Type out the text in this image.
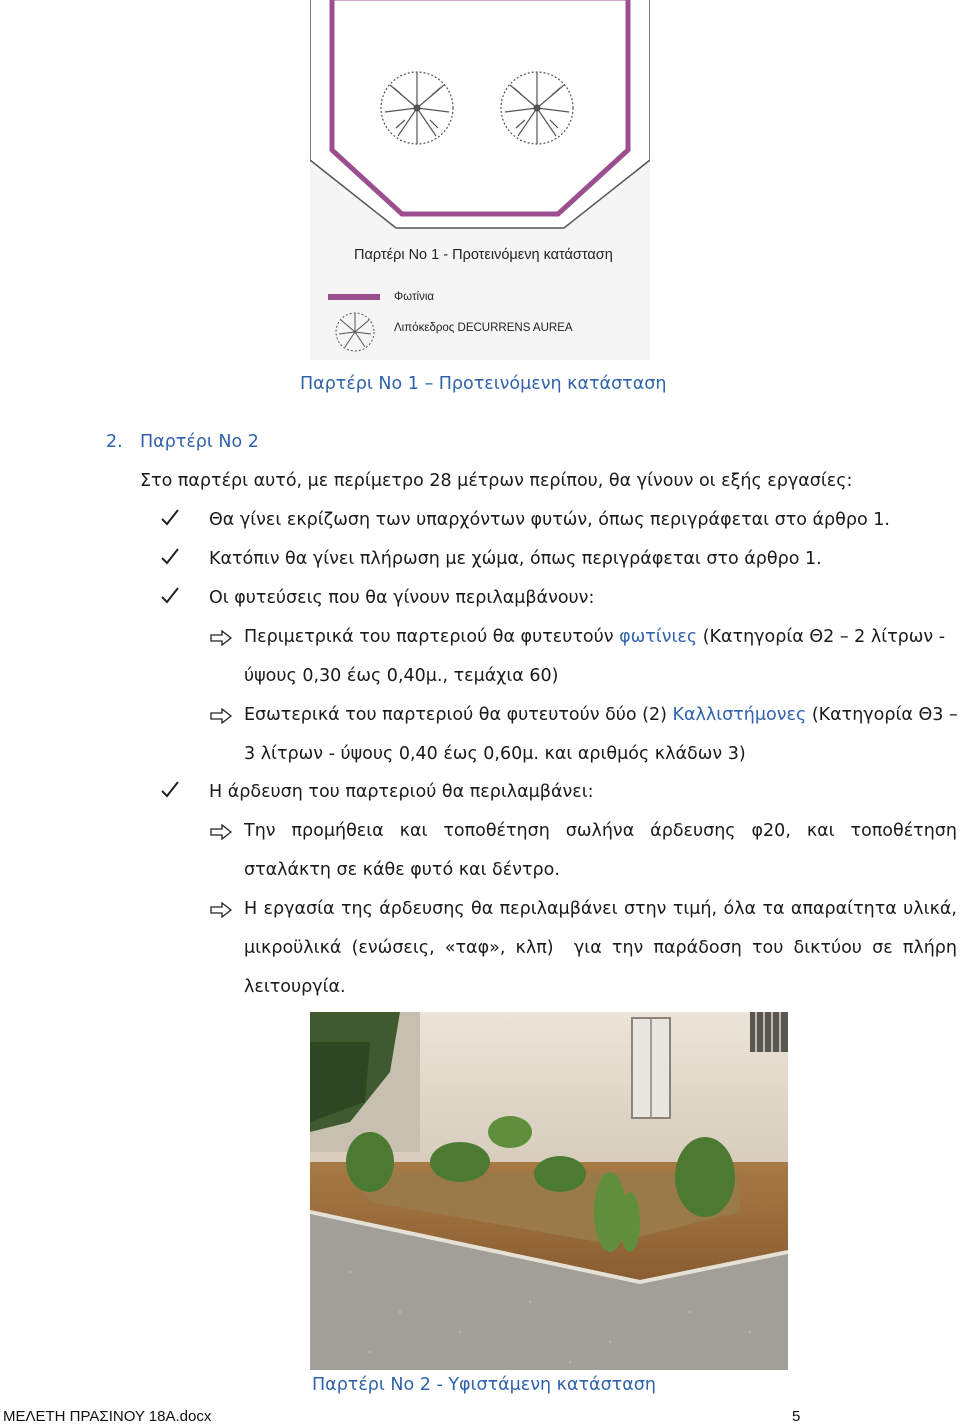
Παρτέρι Νο 1 - Προτεινόμενη κατάσταση
Φωτίνια
Λιπόκεδρος DECURRENS AUREA
Παρτέρι Νο 1 – Προτεινόμενη κατάσταση
2. Παρτέρι Νο 2
Στο παρτέρι αυτό, με περίμετρο 28 μέτρων περίπου, θα γίνουν οι εξής εργασίες:
Θα γίνει εκρίζωση των υπαρχόντων φυτών, όπως περιγράφεται στο άρθρο 1.
Κατόπιν θα γίνει πλήρωση με χώμα, όπως περιγράφεται στο άρθρο 1.
Οι φυτεύσεις που θα γίνουν περιλαμβάνουν:
Περιμετρικά του παρτεριού θα φυτευτούν φωτίνιες (Κατηγορία Θ2 – 2 λίτρων -
ύψους 0,30 έως 0,40μ., τεμάχια 60)
Εσωτερικά του παρτεριού θα φυτευτούν δύο (2) Καλλιστήμονες (Κατηγορία Θ3 –
3 λίτρων - ύψους 0,40 έως 0,60μ. και αριθμός κλάδων 3)
Η άρδευση του παρτεριού θα περιλαμβάνει:
Την προμήθεια και τοποθέτηση σωλήνα άρδευσης φ20, και τοποθέτηση
σταλάκτη σε κάθε φυτό και δέντρο.
Η εργασία της άρδευσης θα περιλαμβάνει στην τιμή, όλα τα απαραίτητα υλικά,
μικροϋλικά (ενώσεις, «ταφ», κλπ)  για την παράδοση του δικτύου σε πλήρη
λειτουργία.
Παρτέρι Νο 2 - Υφιστάμενη κατάσταση
ΜΕΛΕΤΗ ΠΡΑΣΙΝΟΥ 18Α.docx	5
